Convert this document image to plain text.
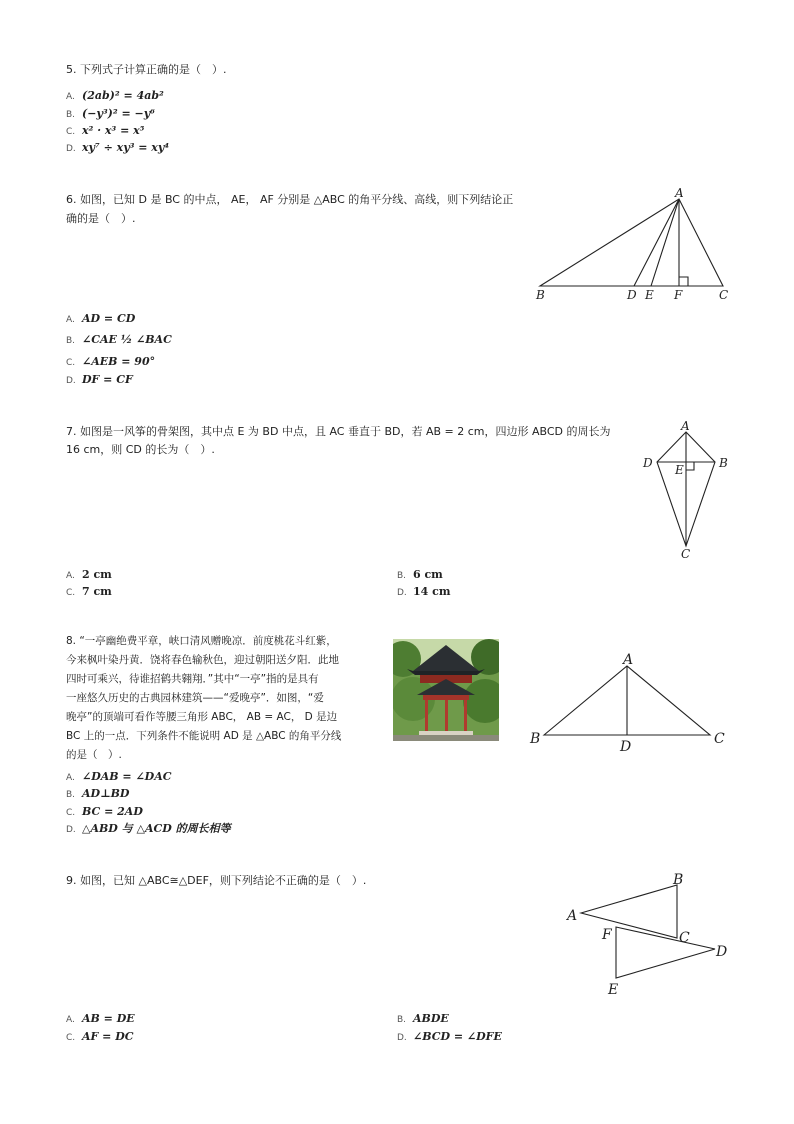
5. 下列式子计算正确的是（　）.
A. (2ab)² = 4ab²
B. (−y³)² = −y⁶
C. x² · x³ = x⁵
D. xy⁷ ÷ xy³ = xy⁴
6. 如图，已知 D 是 BC 的中点， AE， AF 分别是 △ABC 的角平分线、高线，则下列结论正
确的是（　）.
A
B	D E F	C
A. AD = CD
B. ∠CAE ½ ∠BAC
C. ∠AEB = 90°
D. DF = CF
7. 如图是一风筝的骨架图，其中点 E 为 BD 中点，且 AC 垂直于 BD，若 AB = 2 cm，四边形 ABCD 的周长为
16 cm，则 CD 的长为（　）.
A
D E	B
C
A. 2 cm	B. 6 cm
C. 7 cm	D. 14 cm
8. “一亭幽绝费平章，峡口清风赠晚凉．前度桃花斗红紫，
今来枫叶染丹黄．饶将春色输秋色，迎过朝阳送夕阳．此地
四时可乘兴，待谁招鹤共翱翔．”其中“一亭”指的是具有
一座悠久历史的古典园林建筑——“爱晚亭”．如图，“爱
晚亭”的顶端可看作等腰三角形 ABC， AB = AC， D 是边
BC 上的一点．下列条件不能说明 AD 是 △ABC 的角平分线
的是（　）.
A
B	D	C
A. ∠DAB = ∠DAC
B. AD⊥BD
C. BC = 2AD
D. △ABD 与 △ACD 的周长相等
9. 如图，已知 △ABC≅△DEF，则下列结论不正确的是（　）.	B
A
F	C
D
E
A. AB = DE	B. ABDE
C. AF = DC	D. ∠BCD = ∠DFE
